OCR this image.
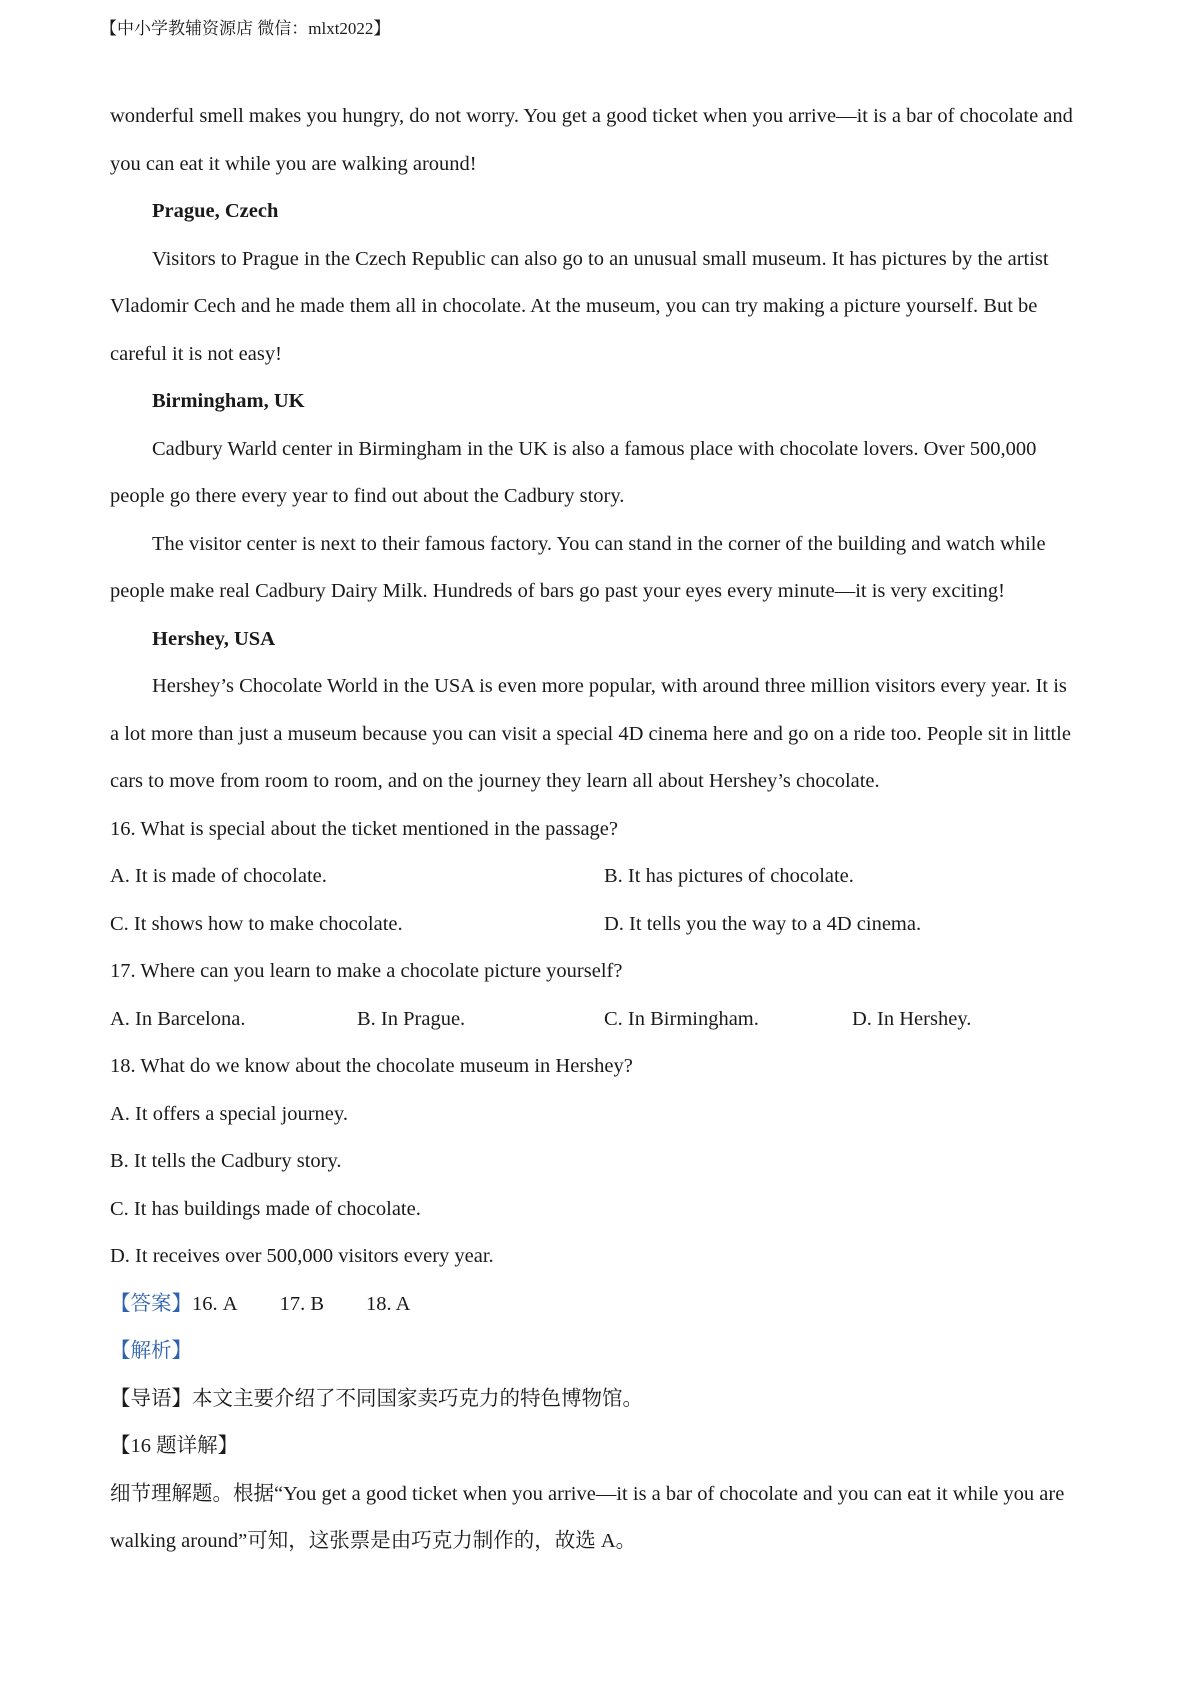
【中小学教辅资源店 微信：mlxt2022】
wonderful smell makes you hungry, do not worry. You get a good ticket when you arrive—it is a bar of chocolate and
you can eat it while you are walking around!
Prague, Czech
Visitors to Prague in the Czech Republic can also go to an unusual small museum. It has pictures by the artist
Vladomir Cech and he made them all in chocolate. At the museum, you can try making a picture yourself. But be
careful it is not easy!
Birmingham, UK
Cadbury Warld center in Birmingham in the UK is also a famous place with chocolate lovers. Over 500,000
people go there every year to find out about the Cadbury story.
The visitor center is next to their famous factory. You can stand in the corner of the building and watch while
people make real Cadbury Dairy Milk. Hundreds of bars go past your eyes every minute—it is very exciting!
Hershey, USA
Hershey’s Chocolate World in the USA is even more popular, with around three million visitors every year. It is
a lot more than just a museum because you can visit a special 4D cinema here and go on a ride too. People sit in little
cars to move from room to room, and on the journey they learn all about Hershey’s chocolate.
16. What is special about the ticket mentioned in the passage?
A. It is made of chocolate.	B. It has pictures of chocolate.
C. It shows how to make chocolate.	D. It tells you the way to a 4D cinema.
17. Where can you learn to make a chocolate picture yourself?
A. In Barcelona.	B. In Prague.	C. In Birmingham.	D. In Hershey.
18. What do we know about the chocolate museum in Hershey?
A. It offers a special journey.
B. It tells the Cadbury story.
C. It has buildings made of chocolate.
D. It receives over 500,000 visitors every year.
【答案】16. A 17. B 18. A
【解析】
【导语】本文主要介绍了不同国家卖巧克力的特色博物馆。
【16 题详解】
细节理解题。根据“You get a good ticket when you arrive—it is a bar of chocolate and you can eat it while you are
walking around”可知，这张票是由巧克力制作的，故选 A。
